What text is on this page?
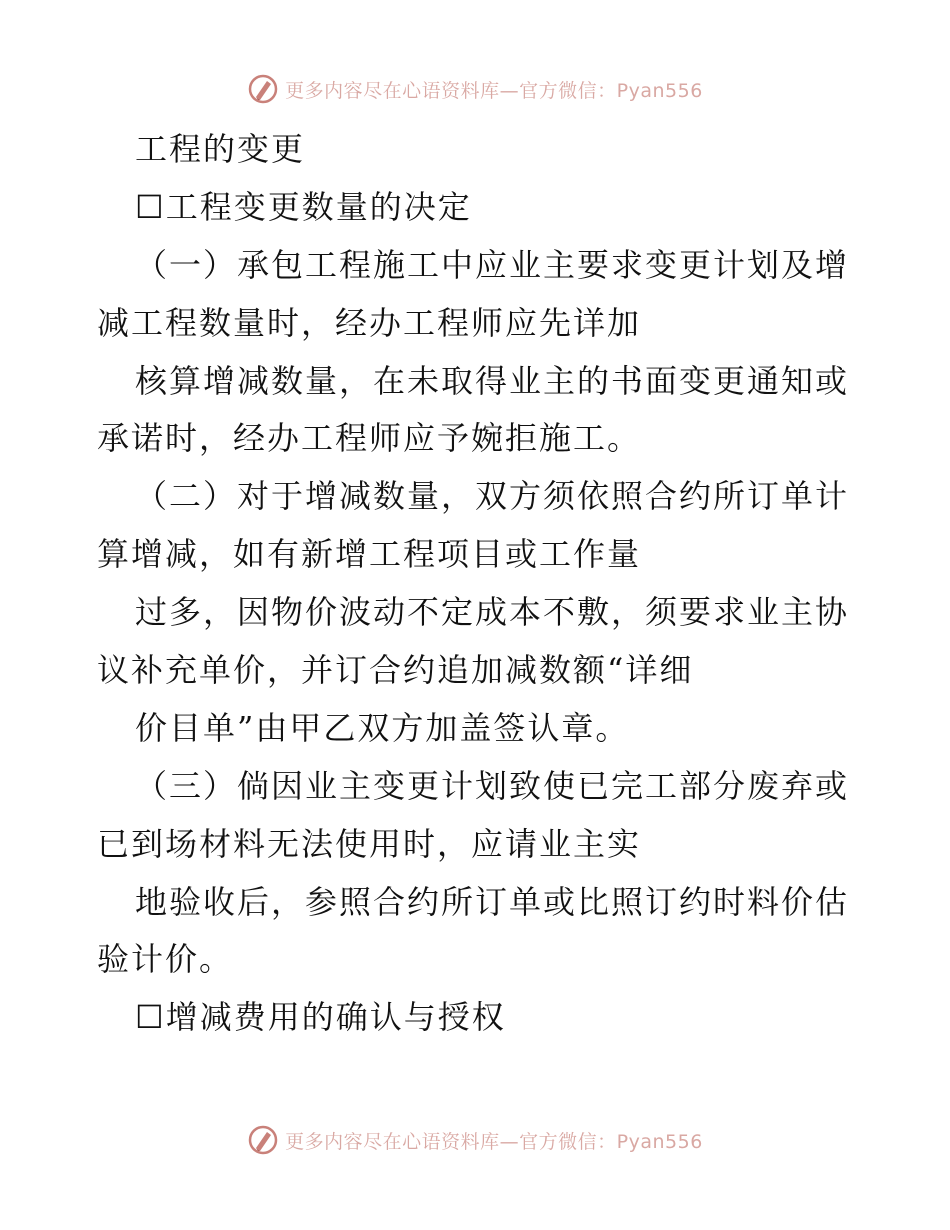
更多内容尽在心语资料库—官方微信：Pyan556
工程的变更
☐工程变更数量的决定
（一）承包工程施工中应业主要求变更计划及增
减工程数量时，经办工程师应先详加
核算增减数量，在未取得业主的书面变更通知或
承诺时，经办工程师应予婉拒施工。
（二）对于增减数量，双方须依照合约所订单计
算增减，如有新增工程项目或工作量
过多，因物价波动不定成本不敷，须要求业主协
议补充单价，并订合约追加减数额“详细
价目单”由甲乙双方加盖签认章。
（三）倘因业主变更计划致使已完工部分废弃或
已到场材料无法使用时，应请业主实
地验收后，参照合约所订单或比照订约时料价估
验计价。
☐增减费用的确认与授权
更多内容尽在心语资料库—官方微信：Pyan556
